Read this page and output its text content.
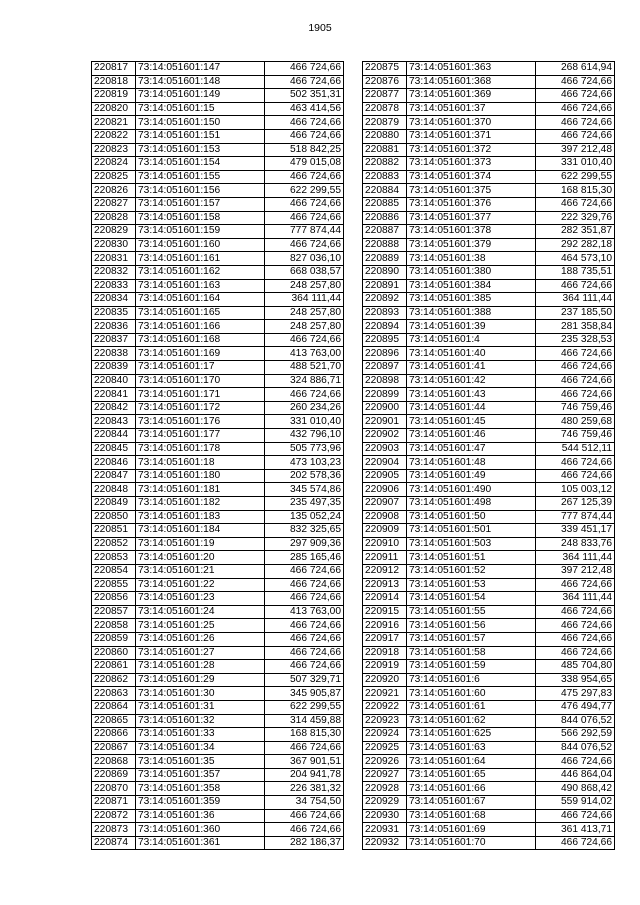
1905
220817	73:14:051601:147	466 724,66
220818	73:14:051601:148	466 724,66
220819	73:14:051601:149	502 351,31
220820	73:14:051601:15	463 414,56
220821	73:14:051601:150	466 724,66
220822	73:14:051601:151	466 724,66
220823	73:14:051601:153	518 842,25
220824	73:14:051601:154	479 015,08
220825	73:14:051601:155	466 724,66
220826	73:14:051601:156	622 299,55
220827	73:14:051601:157	466 724,66
220828	73:14:051601:158	466 724,66
220829	73:14:051601:159	777 874,44
220830	73:14:051601:160	466 724,66
220831	73:14:051601:161	827 036,10
220832	73:14:051601:162	668 038,57
220833	73:14:051601:163	248 257,80
220834	73:14:051601:164	364 111,44
220835	73:14:051601:165	248 257,80
220836	73:14:051601:166	248 257,80
220837	73:14:051601:168	466 724,66
220838	73:14:051601:169	413 763,00
220839	73:14:051601:17	488 521,70
220840	73:14:051601:170	324 886,71
220841	73:14:051601:171	466 724,66
220842	73:14:051601:172	260 234,26
220843	73:14:051601:176	331 010,40
220844	73:14:051601:177	432 796,10
220845	73:14:051601:178	505 773,96
220846	73:14:051601:18	473 103,23
220847	73:14:051601:180	202 578,36
220848	73:14:051601:181	345 574,86
220849	73:14:051601:182	235 497,35
220850	73:14:051601:183	135 052,24
220851	73:14:051601:184	832 325,65
220852	73:14:051601:19	297 909,36
220853	73:14:051601:20	285 165,46
220854	73:14:051601:21	466 724,66
220855	73:14:051601:22	466 724,66
220856	73:14:051601:23	466 724,66
220857	73:14:051601:24	413 763,00
220858	73:14:051601:25	466 724,66
220859	73:14:051601:26	466 724,66
220860	73:14:051601:27	466 724,66
220861	73:14:051601:28	466 724,66
220862	73:14:051601:29	507 329,71
220863	73:14:051601:30	345 905,87
220864	73:14:051601:31	622 299,55
220865	73:14:051601:32	314 459,88
220866	73:14:051601:33	168 815,30
220867	73:14:051601:34	466 724,66
220868	73:14:051601:35	367 901,51
220869	73:14:051601:357	204 941,78
220870	73:14:051601:358	226 381,32
220871	73:14:051601:359	34 754,50
220872	73:14:051601:36	466 724,66
220873	73:14:051601:360	466 724,66
220874	73:14:051601:361	282 186,37
220875	73:14:051601:363	268 614,94
220876	73:14:051601:368	466 724,66
220877	73:14:051601:369	466 724,66
220878	73:14:051601:37	466 724,66
220879	73:14:051601:370	466 724,66
220880	73:14:051601:371	466 724,66
220881	73:14:051601:372	397 212,48
220882	73:14:051601:373	331 010,40
220883	73:14:051601:374	622 299,55
220884	73:14:051601:375	168 815,30
220885	73:14:051601:376	466 724,66
220886	73:14:051601:377	222 329,76
220887	73:14:051601:378	282 351,87
220888	73:14:051601:379	292 282,18
220889	73:14:051601:38	464 573,10
220890	73:14:051601:380	188 735,51
220891	73:14:051601:384	466 724,66
220892	73:14:051601:385	364 111,44
220893	73:14:051601:388	237 185,50
220894	73:14:051601:39	281 358,84
220895	73:14:051601:4	235 328,53
220896	73:14:051601:40	466 724,66
220897	73:14:051601:41	466 724,66
220898	73:14:051601:42	466 724,66
220899	73:14:051601:43	466 724,66
220900	73:14:051601:44	746 759,46
220901	73:14:051601:45	480 259,68
220902	73:14:051601:46	746 759,46
220903	73:14:051601:47	544 512,11
220904	73:14:051601:48	466 724,66
220905	73:14:051601:49	466 724,66
220906	73:14:051601:490	105 003,12
220907	73:14:051601:498	267 125,39
220908	73:14:051601:50	777 874,44
220909	73:14:051601:501	339 451,17
220910	73:14:051601:503	248 833,76
220911	73:14:051601:51	364 111,44
220912	73:14:051601:52	397 212,48
220913	73:14:051601:53	466 724,66
220914	73:14:051601:54	364 111,44
220915	73:14:051601:55	466 724,66
220916	73:14:051601:56	466 724,66
220917	73:14:051601:57	466 724,66
220918	73:14:051601:58	466 724,66
220919	73:14:051601:59	485 704,80
220920	73:14:051601:6	338 954,65
220921	73:14:051601:60	475 297,83
220922	73:14:051601:61	476 494,77
220923	73:14:051601:62	844 076,52
220924	73:14:051601:625	566 292,59
220925	73:14:051601:63	844 076,52
220926	73:14:051601:64	466 724,66
220927	73:14:051601:65	446 864,04
220928	73:14:051601:66	490 868,42
220929	73:14:051601:67	559 914,02
220930	73:14:051601:68	466 724,66
220931	73:14:051601:69	361 413,71
220932	73:14:051601:70	466 724,66
